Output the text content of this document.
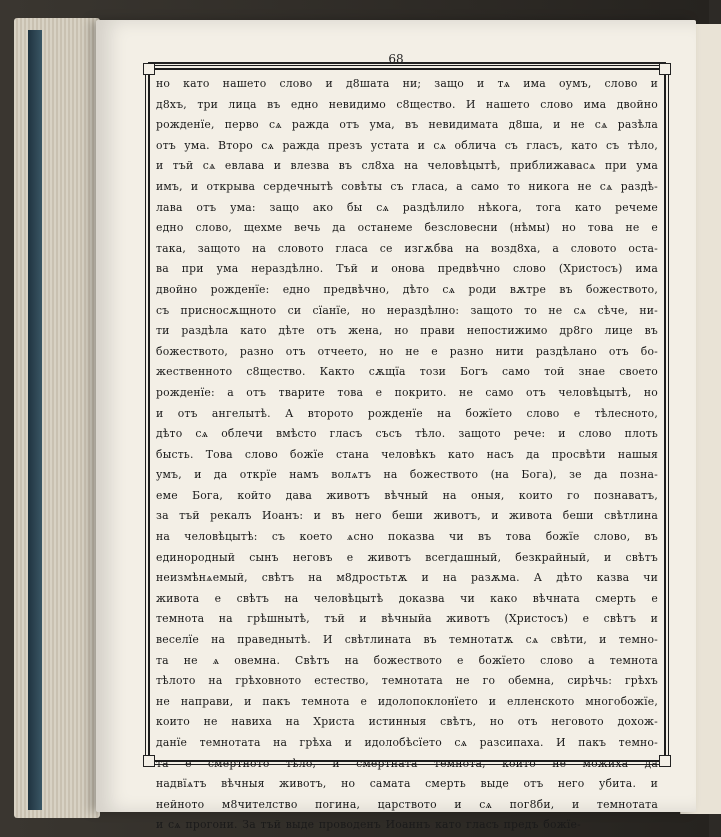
68
но като нашето слово и д8шата ни; защо и тѧ има оумъ, слово и
д8хъ, три лица въ едно невидимо с8щество. И нашето слово има двойно
рожденїе, перво сѧ ражда отъ ума, въ невидимата д8ша, и не сѧ разѣла
отъ ума. Второ сѧ ражда презъ устата и сѧ облича съ гласъ, като съ тѣло,
и тъй сѧ евлава и влезва въ сл8ха на человѣцытѣ, приближавасѧ при ума
имъ, и открыва сердечнытѣ совѣты съ гласа, а само то никога не сѧ раздѣ-
лава отъ ума: защо ако бы сѧ раздѣлило нѣкога, тога като речеме
едно слово, щехме вечь да останеме безсловесни (нѣмы) но това не е
така, защото на словото гласа се изгѫбва на возд8ха, а словото оста-
ва при ума нераздѣлно. Тъй и онова предвѣчно слово (Христосъ) има
двойно рожденїе: едно предвѣчно, дѣто сѧ роди вѫтре въ божеството,
съ присносѫщното си сїанїе, но нераздѣлно: защото то не сѧ сѣче, ни-
ти раздѣла като дѣте отъ жена, но прави непостижимо др8го лице въ
божеството, разно отъ отчеето, но не е разно нити раздѣлано отъ бо-
жественното с8щество. Както сѫщїа този Богъ само той знае своето
рожденїе: а отъ тварите това е покрито. не само отъ человѣцытѣ, но
и отъ ангелытѣ. А второто рожденїе на божїето слово е тѣлесното,
дѣто сѧ облечи вмѣсто гласъ съсъ тѣло. защото рече: и слово плоть
бысть. Това слово божїе стана человѣкъ като насъ да просвѣти нашыя
умъ, и да открїе намъ волѧтъ на божеството (на Бога), зе да позна-
еме Бога, който дава животъ вѣчный на оныя, които го познаватъ,
за тъй рекалъ Иоанъ: и въ него беши животъ, и живота беши свѣтлина
на человѣцытѣ: съ което ѧсно показва чи въ това божїе слово, въ
единородный сынъ неговъ е животъ всегдашный, безкрайный, и свѣтъ
неизмѣнѧемый, свѣтъ на м8дростьтѫ и на разѫма. А дѣто казва чи
живота е свѣтъ на человѣцытѣ доказва чи како вѣчната смерть е
темнота на грѣшнытѣ, тъй и вѣчныйа животъ (Христосъ) е свѣтъ и
веселїе на праведнытѣ. И свѣтлината въ темнотатѫ сѧ свѣти, и темно-
та не ѧ овемна. Свѣтъ на божеството е божїето слово а темнота
тѣлото на грѣховното естество, темнотата не го обемна, сирѣчь: грѣхъ
не направи, и пакъ темнота е идолопоклонїето и елленското многобожїе,
които не навиха на Христа истинныя свѣтъ, но отъ неговото дохож-
данїе темнотата на грѣха и идолобѣсїето сѧ разсипаха. И пакъ темно-
та е смертното тѣло, и смертната темнота, които не можиха да
надвїѧтъ вѣчныя животъ, но самата смерть выде отъ него убита. и
нейното м8чителство погина, царството и сѧ пог8би, и темнотата
и сѧ прогони. За тъй выде проводенъ Иоаннъ като гласъ предъ божїе-
